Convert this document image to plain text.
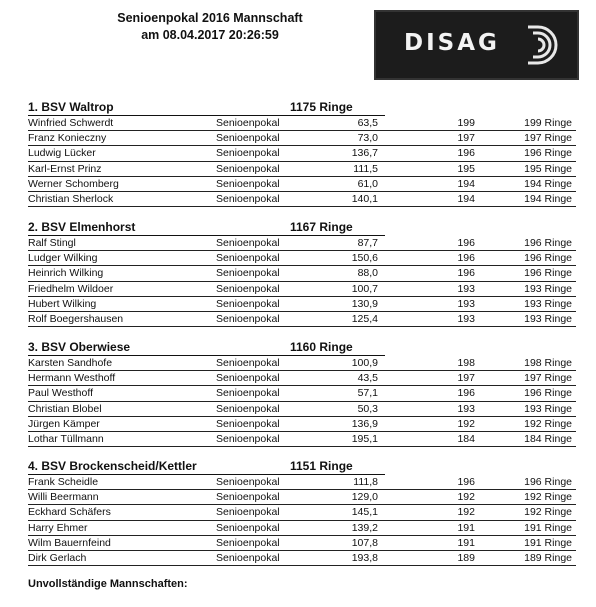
Senioenpokal 2016 Mannschaft
am 08.04.2017 20:26:59	DISAG
1. BSV Waltrop	1175 Ringe
Winfried Schwerdt	Senioenpokal	63,5	199	199 Ringe
Franz Konieczny	Senioenpokal	73,0	197	197 Ringe
Ludwig Lücker	Senioenpokal	136,7	196	196 Ringe
Karl-Ernst Prinz	Senioenpokal	111,5	195	195 Ringe
Werner Schomberg	Senioenpokal	61,0	194	194 Ringe
Christian Sherlock	Senioenpokal	140,1	194	194 Ringe
2. BSV Elmenhorst	1167 Ringe
Ralf Stingl	Senioenpokal	87,7	196	196 Ringe
Ludger Wilking	Senioenpokal	150,6	196	196 Ringe
Heinrich Wilking	Senioenpokal	88,0	196	196 Ringe
Friedhelm Wildoer	Senioenpokal	100,7	193	193 Ringe
Hubert Wilking	Senioenpokal	130,9	193	193 Ringe
Rolf Boegershausen	Senioenpokal	125,4	193	193 Ringe
3. BSV Oberwiese	1160 Ringe
Karsten Sandhofe	Senioenpokal	100,9	198	198 Ringe
Hermann Westhoff	Senioenpokal	43,5	197	197 Ringe
Paul Westhoff	Senioenpokal	57,1	196	196 Ringe
Christian Blobel	Senioenpokal	50,3	193	193 Ringe
Jürgen Kämper	Senioenpokal	136,9	192	192 Ringe
Lothar Tüllmann	Senioenpokal	195,1	184	184 Ringe
4. BSV Brockenscheid/Kettler	1151 Ringe
Frank Scheidle	Senioenpokal	111,8	196	196 Ringe
Willi Beermann	Senioenpokal	129,0	192	192 Ringe
Eckhard Schäfers	Senioenpokal	145,1	192	192 Ringe
Harry Ehmer	Senioenpokal	139,2	191	191 Ringe
Wilm Bauernfeind	Senioenpokal	107,8	191	191 Ringe
Dirk Gerlach	Senioenpokal	193,8	189	189 Ringe
Unvollständige Mannschaften:
